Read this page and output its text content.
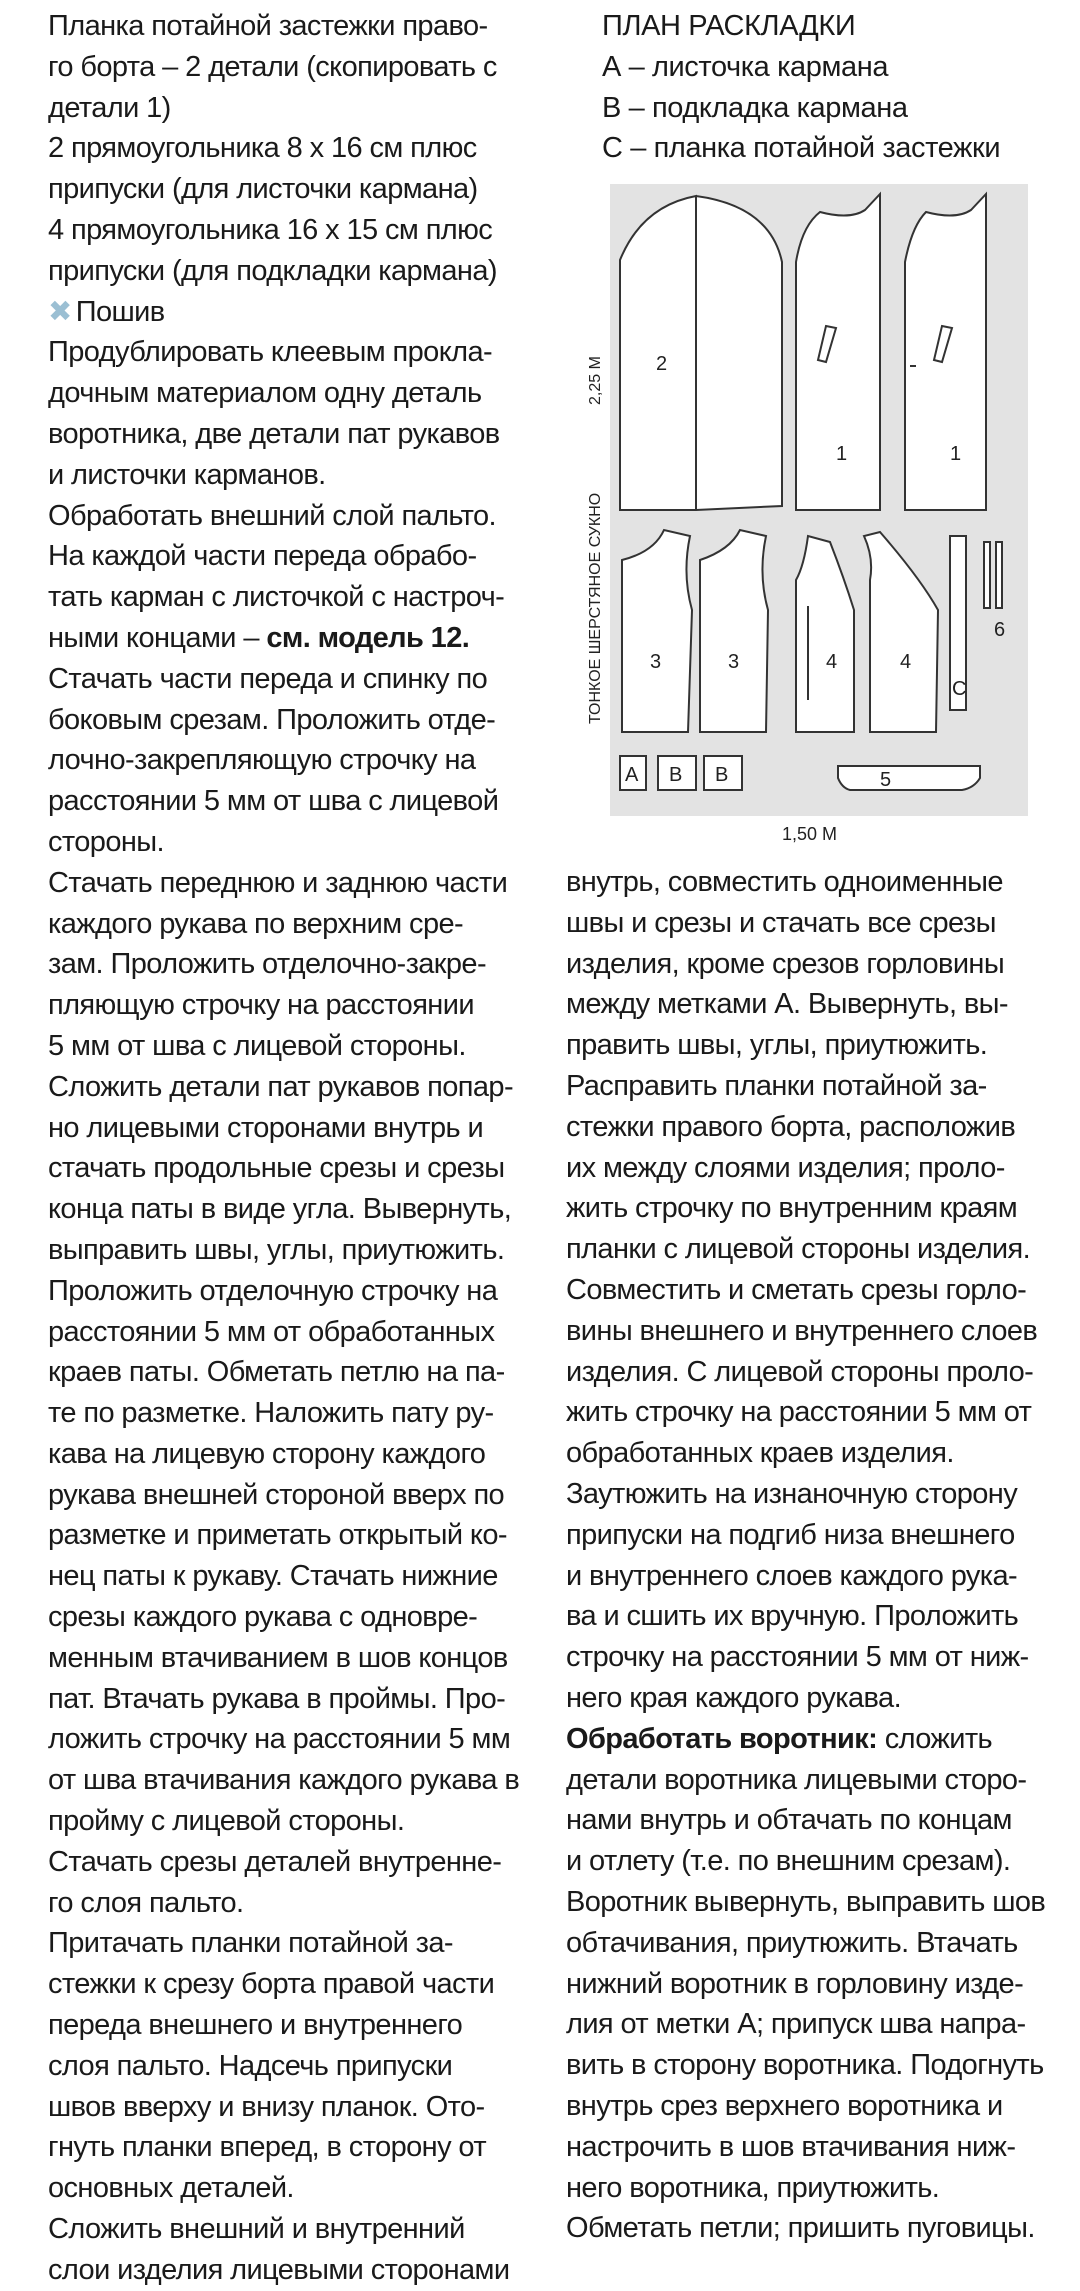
Планка потайной застежки право-

го борта – 2 детали (скопировать с

детали 1)

2 прямоугольника 8 х 16 см плюс

припуски (для листочки кармана)

4 прямоугольника 16 х 15 см плюс

припуски (для подкладки кармана)

✖ Пошив

Продублировать клеевым проклa-

дочным материалом одну деталь

воротника, две детали пат рукавов

и листочки карманов.

Обработать внешний слой пальто.

На каждой части переда обрабо-

тать карман с листочкой с настроч-

ными концами – см. модель 12.

Стачать части переда и спинку по

боковым срезам. Проложить отде-

лочно-закрепляющую строчку на

расстоянии 5 мм от шва с лицевой

стороны.

Стачать переднюю и заднюю части

каждого рукава по верхним сре-

зам. Проложить отделочно-закре-

пляющую строчку на расстоянии

5 мм от шва с лицевой стороны.

Сложить детали пат рукавов попар-

но лицевыми сторонами внутрь и

стачать продольные срезы и срезы

конца паты в виде угла. Вывернуть,

выправить швы, углы, приутюжить.

Проложить отделочную строчку на

расстоянии 5 мм от обработанных

краев паты. Обметать петлю на па-

те по разметке. Наложить пату ру-

кава на лицевую сторону каждого

рукава внешней стороной вверх по

разметке и приметать открытый ко-

нец паты к рукаву. Стачать нижние

срезы каждого рукава с одновре-

менным втачиванием в шов концов

пат. Втачать рукава в проймы. Про-

ложить строчку на расстоянии 5 мм

от шва втачивания каждого рукава в

пройму с лицевой стороны.

Стачать срезы деталей внутренне-

го слоя пальто.

Притачать планки потайной за-

стежки к срезу борта правой части

переда внешнего и внутреннего

слоя пальто. Надсечь припуски

швов вверху и внизу планок. Ото-

гнуть планки вперед, в сторону от

основных деталей.

Сложить внешний и внутренний

слои изделия лицевыми сторонами

ПЛАН РАСКЛАДКИ

А – листочка кармана

В – подкладка кармана

С – планка потайной застежки

2
1	1
3	3	4	4
6
С
А В В	5
ТОНКОЕ ШЕРСТЯНОЕ СУКНО
2,25 М
1,50 М

внутрь, совместить одноименные

швы и срезы и стачать все срезы

изделия, кроме срезов горловины

между метками А. Вывернуть, вы-

править швы, углы, приутюжить.

Расправить планки потайной за-

стежки правого борта, расположив

их между слоями изделия; проло-

жить строчку по внутренним краям

планки с лицевой стороны изделия.

Совместить и сметать срезы горло-

вины внешнего и внутреннего слоев

изделия. С лицевой стороны проло-

жить строчку на расстоянии 5 мм от

обработанных краев изделия.

Заутюжить на изнаночную сторону

припуски на подгиб низа внешнего

и внутреннего слоев каждого рука-

ва и сшить их вручную. Проложить

строчку на расстоянии 5 мм от ниж-

него края каждого рукава.

Обработать воротник: сложить

детали воротника лицевыми сторо-

нами внутрь и обтачать по концам

и отлету (т.е. по внешним срезам).

Воротник вывернуть, выправить шов

обтачивания, приутюжить. Втачать

нижний воротник в горловину изде-

лия от метки А; припуск шва напра-

вить в сторону воротника. Подогнуть

внутрь срез верхнего воротника и

настрочить в шов втачивания ниж-

него воротника, приутюжить.

Обметать петли; пришить пуговицы.
